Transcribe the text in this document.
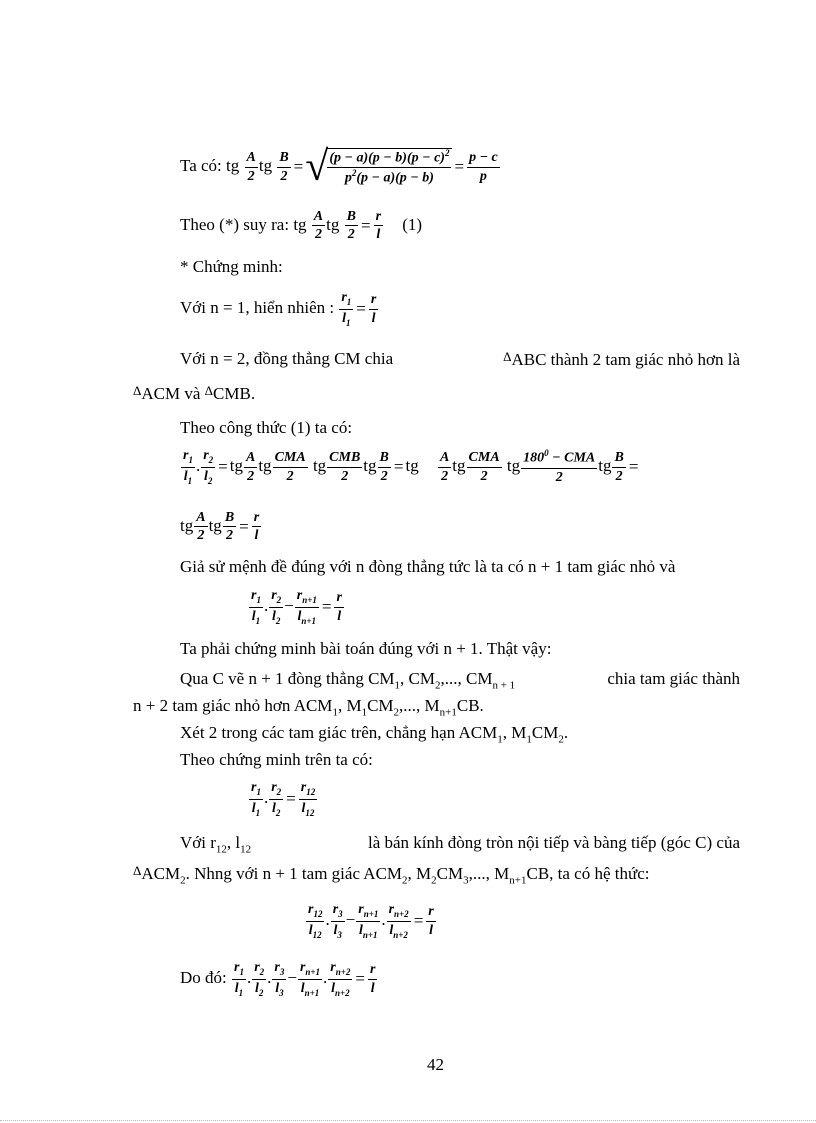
Ta có: tg $\frac{A}{2}$ tg $\frac{B}{2}$ =√ $\frac{(p - a)(p - b)(p - c)^2}{p^2(p - a)(p - b)} = \frac{p - c}{p}$
Theo (*) suy ra: tg $\frac{A}{2}$ tg $\frac{B}{2} = \frac{r}{l} (1)$
* Chứng minh:
Với n = 1, hiển nhiên : $\frac{r_1}{l_1} = \frac{r}{l}$
Với n = 2, đồng thẳng CM chia	$^\Delta$ABC thành 2 tam giác nhỏ hơn là
$^\Delta$ACM và $^\Delta$CMB.
Theo công thức (1) ta có:
$\frac{r_1}{l_1}$ . $\frac{r_2}{l_2}$ = tg $\frac{A}{2}$ tg $\frac{\text{CMA}}{2}$ tg $\frac{\text{CMB}}{2}$ tg $\frac{B}{2}$ = tg $\frac{A}{2}$ tg $\frac{\text{CMA}}{2}$ tg $\frac{180^0 - CMA}{2}$ tg $\frac{B}{2}$ =
tg $\frac{A}{2}$ tg $\frac{B}{2} = \frac{r}{l}$
Giả sử mệnh đề đúng với n đòng thẳng tức là ta có n + 1 tam giác nhỏ và
$\frac{r_1}{l_1}$ . $\frac{r_2}{l_2} - \frac{r_{n+1}}{l_{n+1}} = \frac{r}{l}$
Ta phải chứng minh bài toán đúng với n + 1. Thật vậy:
Qua C vẽ n + 1 đòng thẳng $CM_1$, $CM_2$,..., $CM_{n + 1}$	chia tam giác thành
n + 2 tam giác nhỏ hơn $ACM_1$, $M_1CM_2$,..., $M_{n+1}CB$.
Xét 2 trong các tam giác trên, chẳng hạn $ACM_1$, $M_1CM_2$.
Theo chứng minh trên ta có:
$\frac{r_1}{l_1}$ . $\frac{r_2}{l_2} = \frac{r_{12}}{l_{12}}$
Với $r_{12}$, $l_{12}$	là bán kính đòng tròn nội tiếp và bàng tiếp (góc C) của
$^\Delta ACM_2$. Nhng với n + 1 tam giác $ACM_2$, $M_2CM_3$,..., $M_{n+1}CB$, ta có hệ thức:
$\frac{r_{12}}{l_{12}}$ . $\frac{r_3}{l_3} - \frac{r_{n+1}}{l_{n+1}}$ . $\frac{r_{n+2}}{l_{n+2}} = \frac{r}{l}$
Do đó: $\frac{r_1}{l_1}$ . $\frac{r_2}{l_2}$ . $\frac{r_3}{l_3} - \frac{r_{n+1}}{l_{n+1}}$ . $\frac{r_{n+2}}{l_{n+2}} = \frac{r}{l}$
42
